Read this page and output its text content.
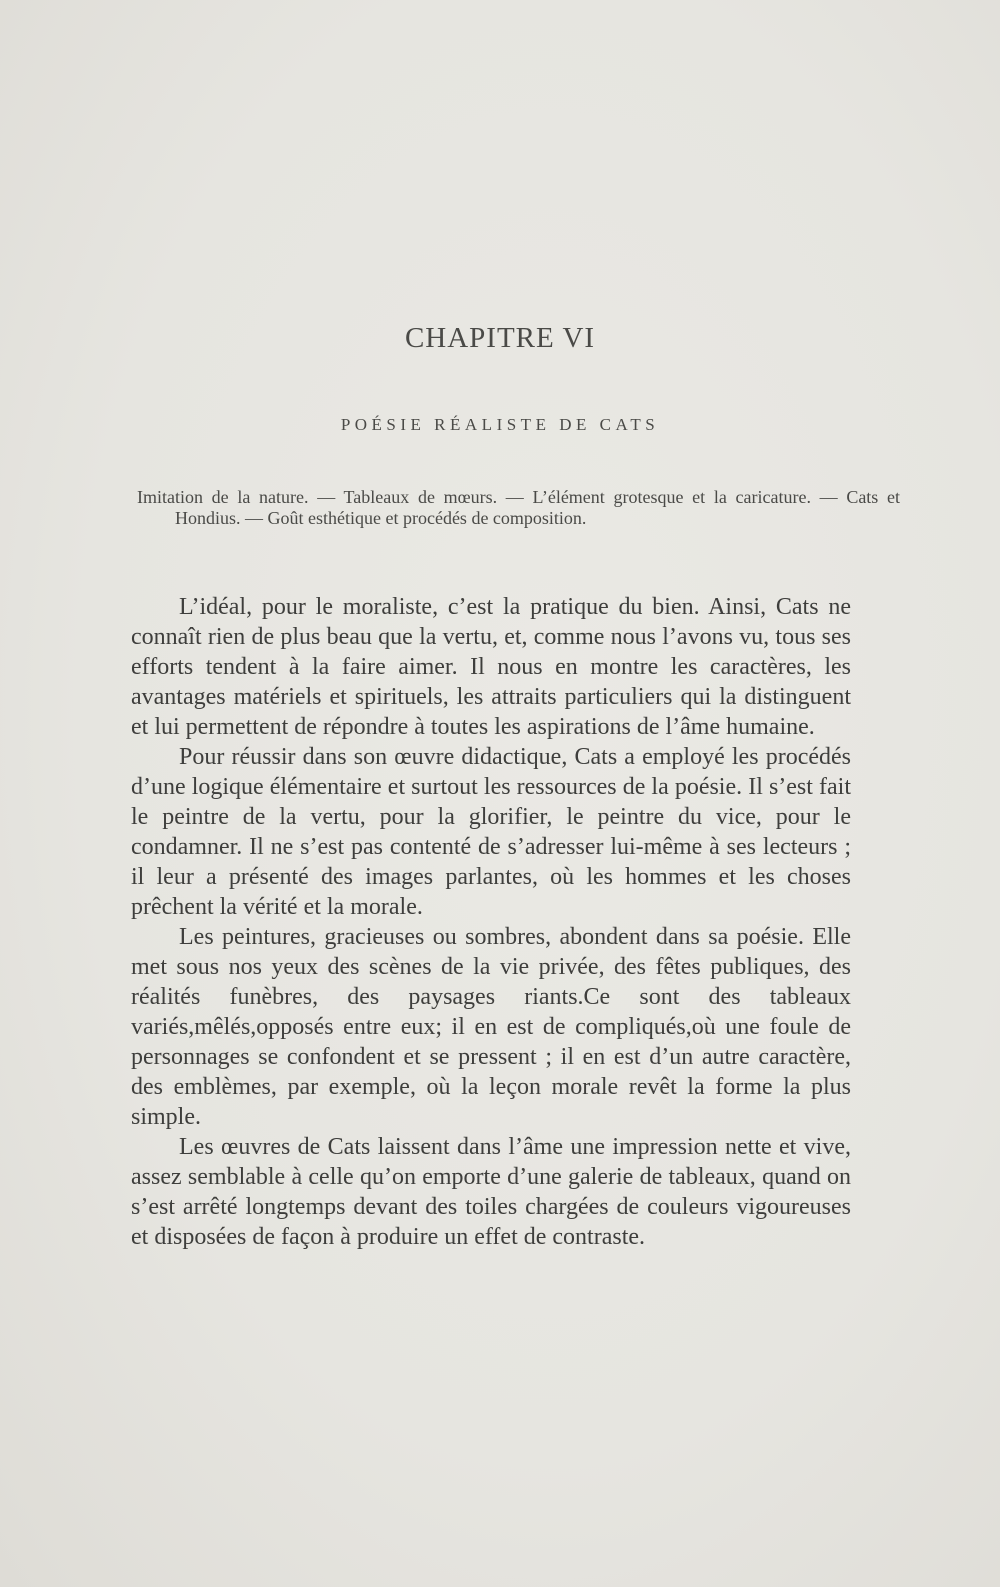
CHAPITRE VI
POÉSIE RÉALISTE DE CATS

Imitation de la nature. — Tableaux de mœurs. — L’élément grotesque et la caricature. — Cats et Hondius. — Goût esthétique et procédés de composition.

L’idéal, pour le moraliste, c’est la pratique du bien. Ainsi, Cats ne connaît rien de plus beau que la vertu, et, comme nous l’avons vu, tous ses efforts tendent à la faire aimer. Il nous en montre les caractères, les avantages matériels et spirituels, les attraits particuliers qui la distinguent et lui permettent de répondre à toutes les aspirations de l’âme humaine.

Pour réussir dans son œuvre didactique, Cats a employé les procédés d’une logique élémentaire et surtout les ressources de la poésie. Il s’est fait le peintre de la vertu, pour la glorifier, le peintre du vice, pour le condamner. Il ne s’est pas contenté de s’adresser lui-même à ses lecteurs ; il leur a présenté des images parlantes, où les hommes et les choses prêchent la vérité et la morale.

Les peintures, gracieuses ou sombres, abondent dans sa poésie. Elle met sous nos yeux des scènes de la vie privée, des fêtes publiques, des réalités funèbres, des paysages riants.Ce sont des tableaux variés,mêlés,opposés entre eux; il en est de compliqués,où une foule de personnages se confondent et se pressent ; il en est d’un autre caractère, des emblèmes, par exemple, où la leçon morale revêt la forme la plus simple.

Les œuvres de Cats laissent dans l’âme une impression nette et vive, assez semblable à celle qu’on emporte d’une galerie de tableaux, quand on s’est arrêté longtemps devant des toiles chargées de couleurs vigoureuses et disposées de façon à produire un effet de contraste.
